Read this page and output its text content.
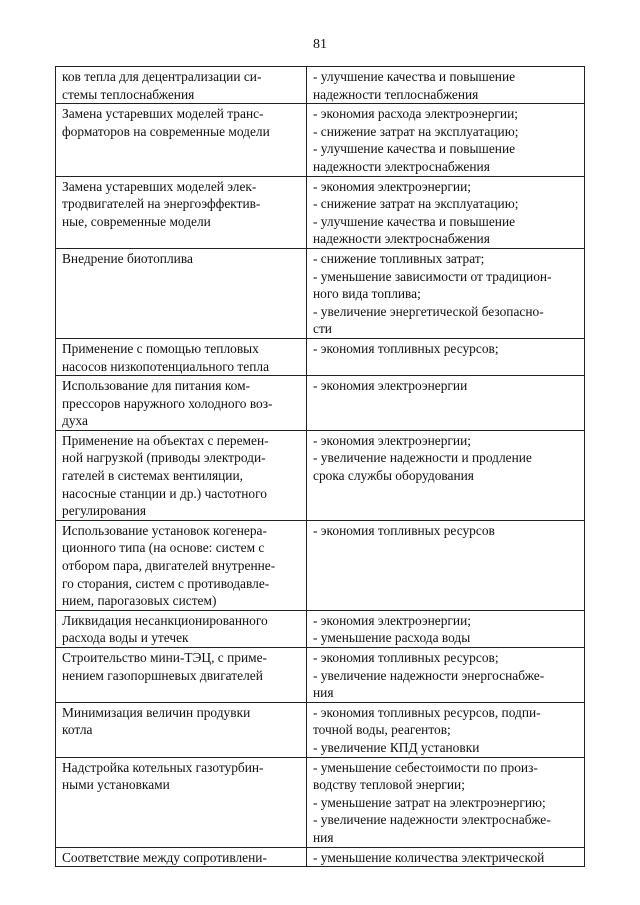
81
ков тепла для децентрализации си-
стемы теплоснабжения	- улучшение качества и повышение
надежности теплоснабжения

Замена устаревших моделей транс-
форматоров на современные модели	- экономия расхода электроэнергии;
- снижение затрат на эксплуатацию;
- улучшение качества и повышение
надежности электроснабжения

Замена устаревших моделей элек-
тродвигателей на энергоэффектив-
ные, современные модели	- экономия электроэнергии;
- снижение затрат на эксплуатацию;
- улучшение качества и повышение
надежности электроснабжения

Внедрение биотоплива	- снижение топливных затрат;
- уменьшение зависимости от традицион-
ного вида топлива;
- увеличение энергетической безопасно-
сти

Применение с помощью тепловых
насосов низкопотенциального тепла	- экономия топливных ресурсов;

Использование для питания ком-
прессоров наружного холодного воз-
духа	- экономия электроэнергии

Применение на объектах с перемен-
ной нагрузкой (приводы электроди-
гателей в системах вентиляции,
насосные станции и др.) частотного
регулирования	- экономия электроэнергии;
- увеличение надежности и продление
срока службы оборудования

Использование установок когенера-
ционного типа (на основе: систем с
отбором пара, двигателей внутренне-
го сторания, систем с противодавле-
нием, парогазовых систем)	- экономия топливных ресурсов

Ликвидация несанкционированного
расхода воды и утечек	- экономия электроэнергии;
- уменьшение расхода воды

Строительство мини-ТЭЦ, с приме-
нением газопоршневых двигателей	- экономия топливных ресурсов;
- увеличение надежности энергоснабже-
ния

Минимизация величин продувки
котла	- экономия топливных ресурсов, подпи-
точной воды, реагентов;
- увеличение КПД установки

Надстройка котельных газотурбин-
ными установками	- уменьшение себестоимости по произ-
водству тепловой энергии;
- уменьшение затрат на электроэнергию;
- увеличение надежности электроснабже-
ния

Соответствие между сопротивлени-	- уменьшение количества электрической
